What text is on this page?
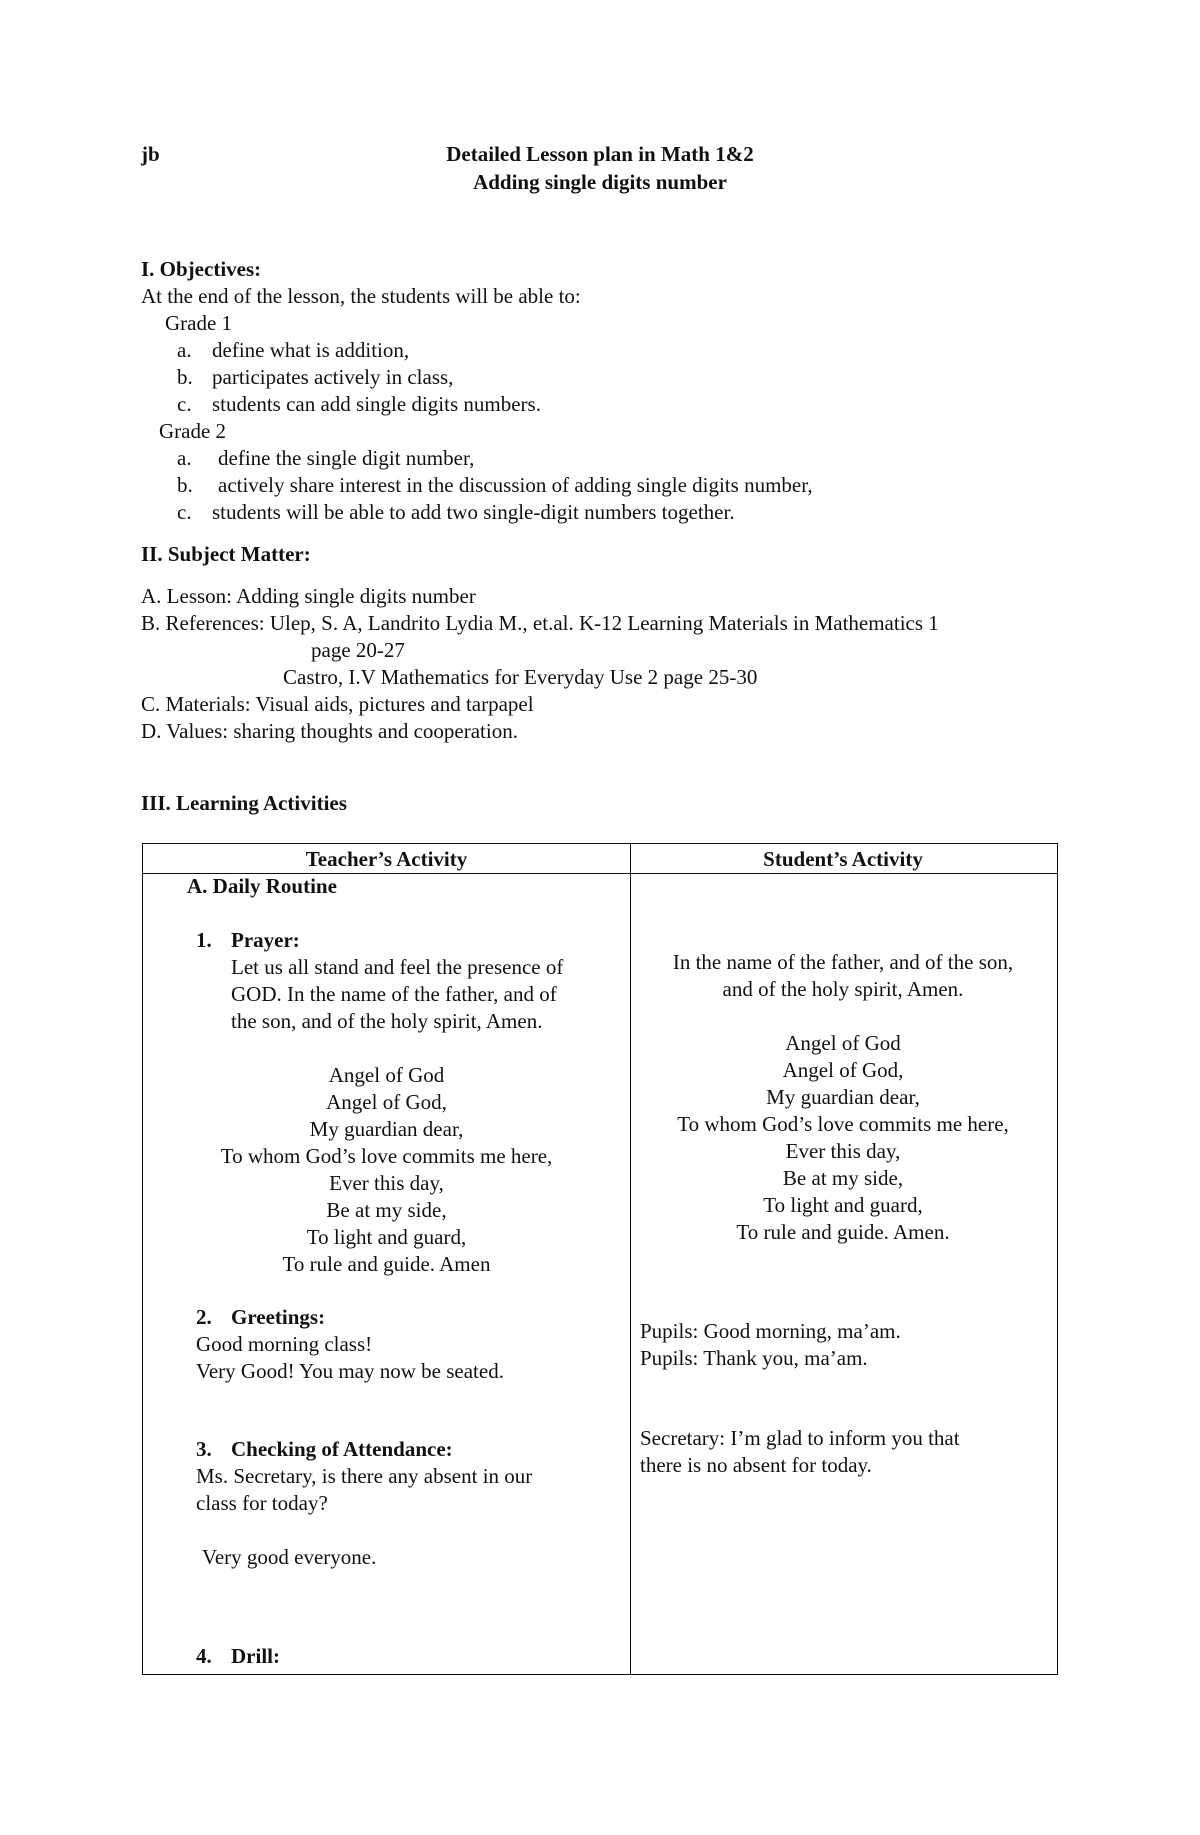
jb	Detailed Lesson plan in Math 1&2
Adding single digits number
I. Objectives:
At the end of the lesson, the students will be able to:
Grade 1
a. define what is addition,
b. participates actively in class,
c. students can add single digits numbers.
Grade 2
a. define the single digit number,
b. actively share interest in the discussion of adding single digits number,
c. students will be able to add two single-digit numbers together.
II. Subject Matter:
A. Lesson: Adding single digits number
B. References: Ulep, S. A, Landrito Lydia M., et.al. K-12 Learning Materials in Mathematics 1
page 20-27
Castro, I.V Mathematics for Everyday Use 2 page 25-30
C. Materials: Visual aids, pictures and tarpapel
D. Values: sharing thoughts and cooperation.
III. Learning Activities
Teacher’s Activity	Student’s Activity
A. Daily Routine
1. Prayer:
Let us all stand and feel the presence of
GOD. In the name of the father, and of
the son, and of the holy spirit, Amen.
Angel of God
Angel of God,
My guardian dear,
To whom God’s love commits me here,
Ever this day,
Be at my side,
To light and guard,
To rule and guide. Amen
2. Greetings:
Good morning class!
Very Good! You may now be seated.
3. Checking of Attendance:
Ms. Secretary, is there any absent in our
class for today?
Very good everyone.
4. Drill:
In the name of the father, and of the son,
and of the holy spirit, Amen.
Angel of God
Angel of God,
My guardian dear,
To whom God’s love commits me here,
Ever this day,
Be at my side,
To light and guard,
To rule and guide. Amen.
Pupils: Good morning, ma’am.
Pupils: Thank you, ma’am.
Secretary: I’m glad to inform you that
there is no absent for today.
